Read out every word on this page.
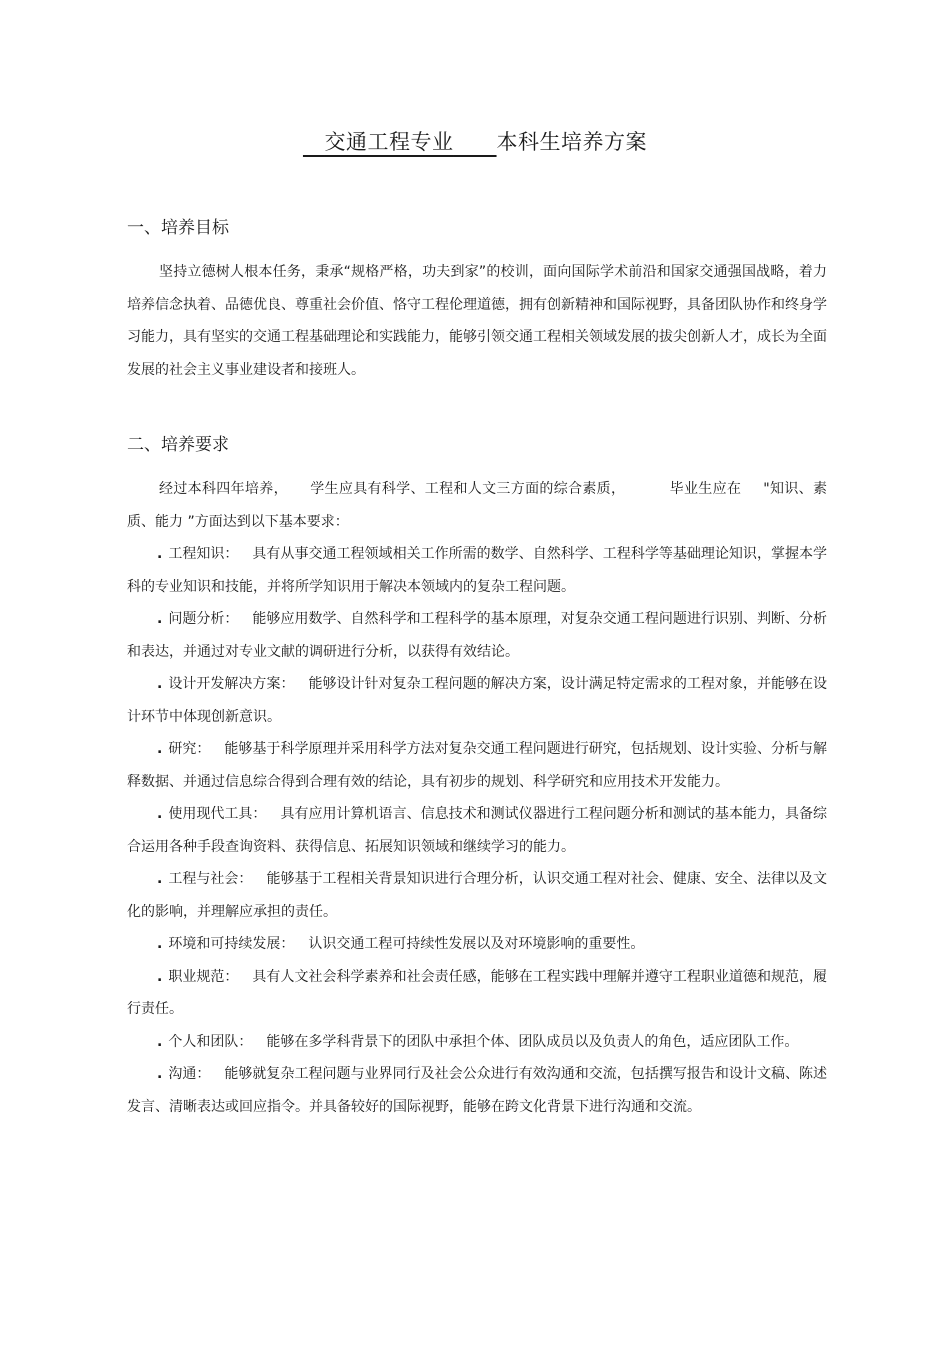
交通工程专业 本科生培养方案
一、培养目标

坚持立德树人根本任务，秉承“规格严格，功夫到家”的校训，面向国际学术前沿和国家交通强国战略，着力培养信念执着、品德优良、尊重社会价值、恪守工程伦理道德，拥有创新精神和国际视野，具备团队协作和终身学习能力，具有坚实的交通工程基础理论和实践能力，能够引领交通工程相关领域发展的拔尖创新人才，成长为全面发展的社会主义事业建设者和接班人。

二、培养要求

经过本科四年培养， 学生应具有科学、工程和人文三方面的综合素质，	毕业生应在 "知识、素质、能力 ”方面达到以下基本要求：

. 工程知识： 具有从事交通工程领域相关工作所需的数学、自然科学、工程科学等基础理论知识，掌握本学科的专业知识和技能，并将所学知识用于解决本领域内的复杂工程问题。

. 问题分析： 能够应用数学、自然科学和工程科学的基本原理，对复杂交通工程问题进行识别、判断、分析和表达，并通过对专业文献的调研进行分析，以获得有效结论。

. 设计开发解决方案： 能够设计针对复杂工程问题的解决方案，设计满足特定需求的工程对象，并能够在设计环节中体现创新意识。

. 研究： 能够基于科学原理并采用科学方法对复杂交通工程问题进行研究，包括规划、设计实验、分析与解释数据、并通过信息综合得到合理有效的结论，具有初步的规划、科学研究和应用技术开发能力。

. 使用现代工具： 具有应用计算机语言、信息技术和测试仪器进行工程问题分析和测试的基本能力，具备综合运用各种手段查询资料、获得信息、拓展知识领域和继续学习的能力。

. 工程与社会： 能够基于工程相关背景知识进行合理分析，认识交通工程对社会、健康、安全、法律以及文化的影响，并理解应承担的责任。

. 环境和可持续发展： 认识交通工程可持续性发展以及对环境影响的重要性。

. 职业规范： 具有人文社会科学素养和社会责任感，能够在工程实践中理解并遵守工程职业道德和规范，履行责任。

. 个人和团队： 能够在多学科背景下的团队中承担个体、团队成员以及负责人的角色，适应团队工作。

. 沟通： 能够就复杂工程问题与业界同行及社会公众进行有效沟通和交流，包括撰写报告和设计文稿、陈述发言、清晰表达或回应指令。并具备较好的国际视野，能够在跨文化背景下进行沟通和交流。
